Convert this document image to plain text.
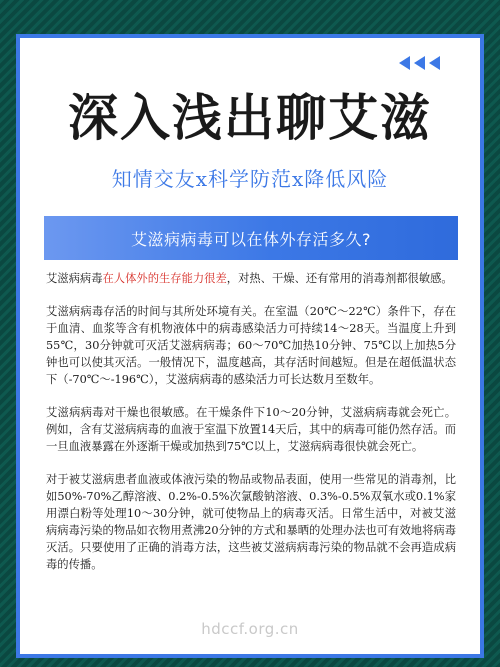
深入浅出聊艾滋
知情交友x科学防范x降低风险
艾滋病病毒可以在体外存活多久?

艾滋病病毒在人体外的生存能力很差，对热、干燥、还有常用的消毒剂都很敏感。

艾滋病病毒存活的时间与其所处环境有关。在室温（20℃～22℃）条件下，存在于血清、血浆等含有机物液体中的病毒感染活力可持续14～28天。当温度上升到55℃，30分钟就可灭活艾滋病病毒；60～70℃加热10分钟、75℃以上加热5分钟也可以使其灭活。一般情况下，温度越高，其存活时间越短。但是在超低温状态下（-70℃～-196℃），艾滋病病毒的感染活力可长达数月至数年。

艾滋病病毒对干燥也很敏感。在干燥条件下10～20分钟，艾滋病病毒就会死亡。例如，含有艾滋病病毒的血液于室温下放置14天后，其中的病毒可能仍然存活。而一旦血液暴露在外逐渐干燥或加热到75℃以上，艾滋病病毒很快就会死亡。

对于被艾滋病患者血液或体液污染的物品或物品表面，使用一些常见的消毒剂，比如50%-70%乙醇溶液、0.2%-0.5%次氯酸钠溶液、0.3%-0.5%双氧水或0.1%家用漂白粉等处理10～30分钟，就可使物品上的病毒灭活。日常生活中，对被艾滋病病毒污染的物品如衣物用煮沸20分钟的方式和暴晒的处理办法也可有效地将病毒灭活。只要使用了正确的消毒方法，这些被艾滋病病毒污染的物品就不会再造成病毒的传播。

hdccf.org.cn
